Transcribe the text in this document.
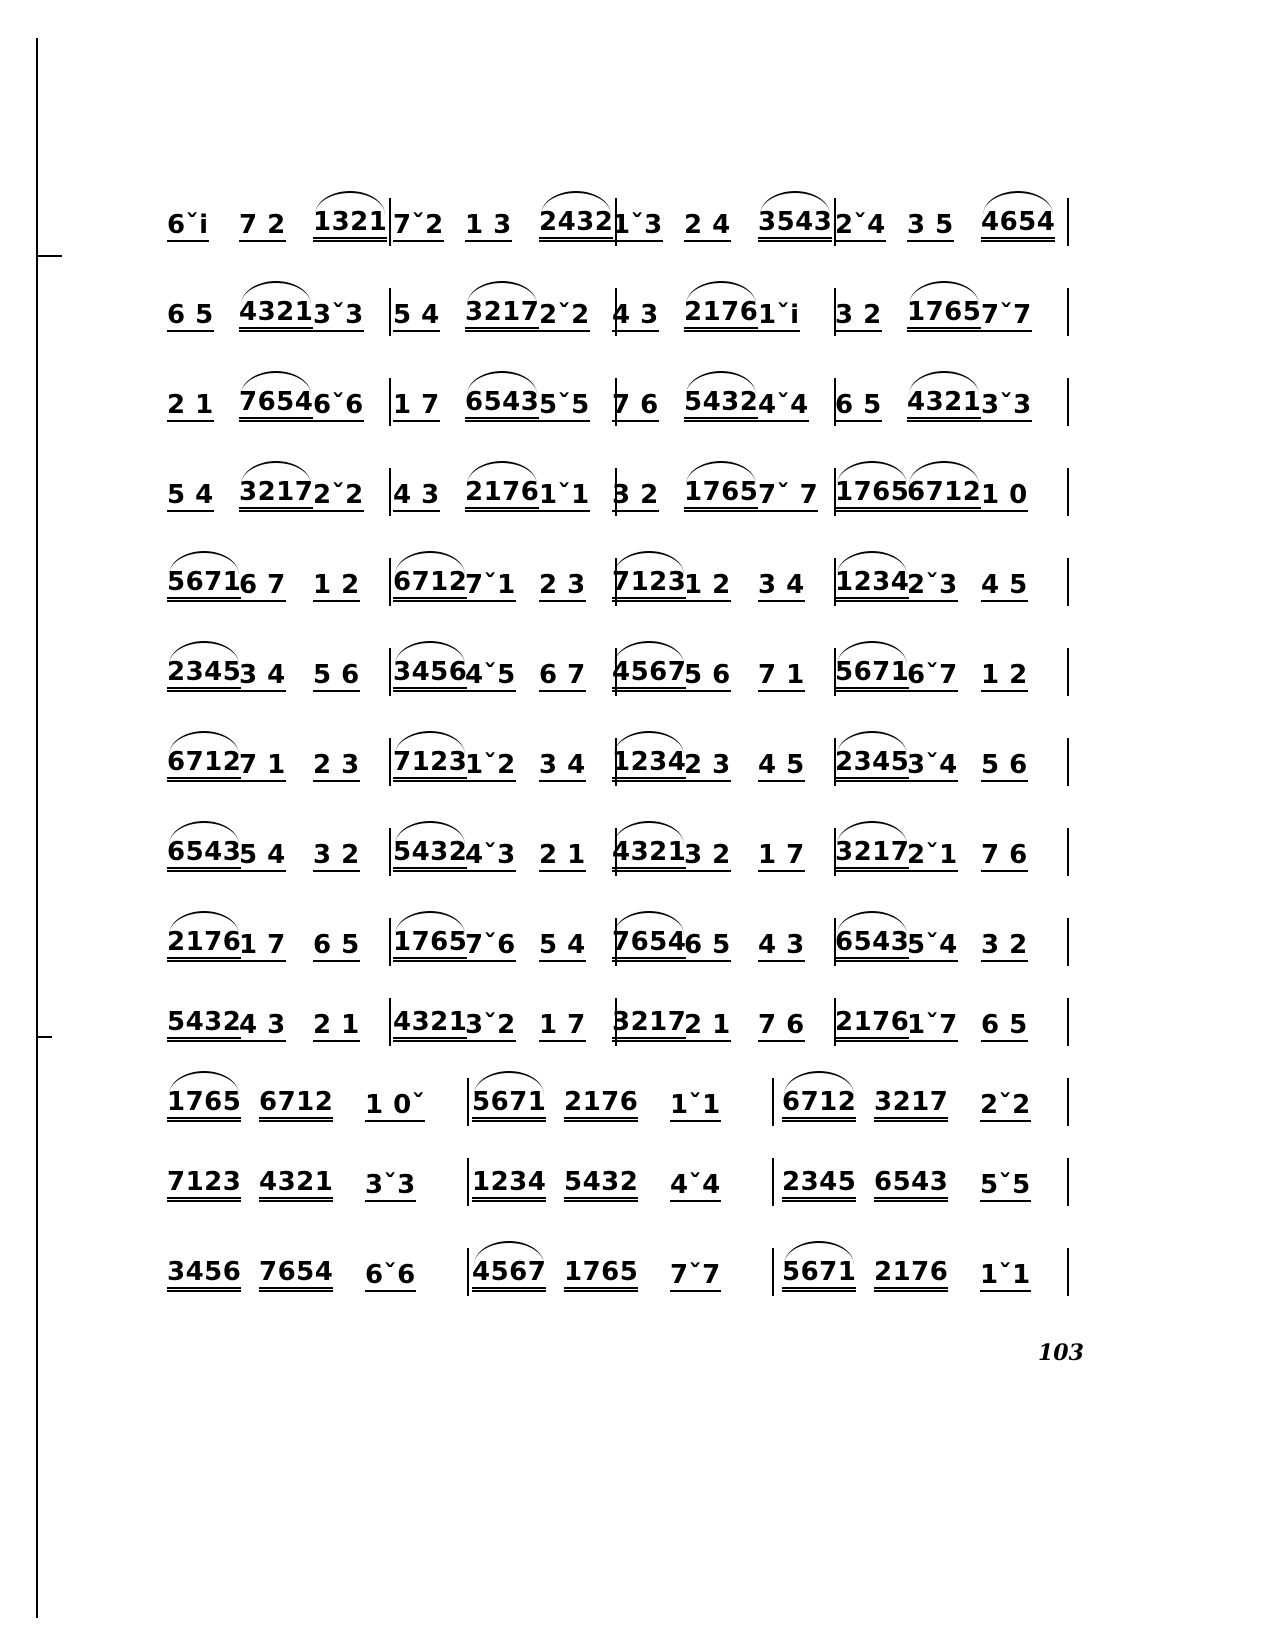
6ˇi 7 2 1321 7ˇ2 1 3 2432
1ˇ3 2 4 3543 2ˇ4 3 5 4654
6 5 4321 3ˇ3 5 4 3217 2ˇ2 4 3 2176 1ˇi 3 2 1765 7ˇ7
2 1 7654 6ˇ6 1 7 6543 5ˇ5 7 6 5432 4ˇ4 6 5 4321 3ˇ3
5 4 3217 2ˇ2 4 3 2176 1ˇ1 3 2 1765 7ˇ 7 1765
6712 1 0
5671
6 7 1 2 6712
7ˇ1 2 3 7123
1 2 3 4 1234
2ˇ3 4 5
2345
3 4 5 6 3456
4ˇ5 6 7 4567
5 6 7 1 5671
6ˇ7 1 2
6712
7 1 2 3 7123
1ˇ2 3 4 1234
2 3 4 5 2345
3ˇ4 5 6
6543
5 4 3 2 5432
4ˇ3 2 1 4321
3 2 1 7 3217
2ˇ1 7 6
2176
1 7 6 5 1765
7ˇ6 5 4 7654
6 5 4 3 6543
5ˇ4 3 2
5432
4 3 2 1 4321
3ˇ2 1 7 3217
2 1 7 6 2176
1ˇ7 6 5
1765 6712 1 0ˇ 5671 2176 1ˇ1 6712 3217 2ˇ2
7123 4321 3ˇ3 1234 5432 4ˇ4 2345 6543 5ˇ5
3456 7654 6ˇ6 4567 1765 7ˇ7 5671 2176 1ˇ1
103
